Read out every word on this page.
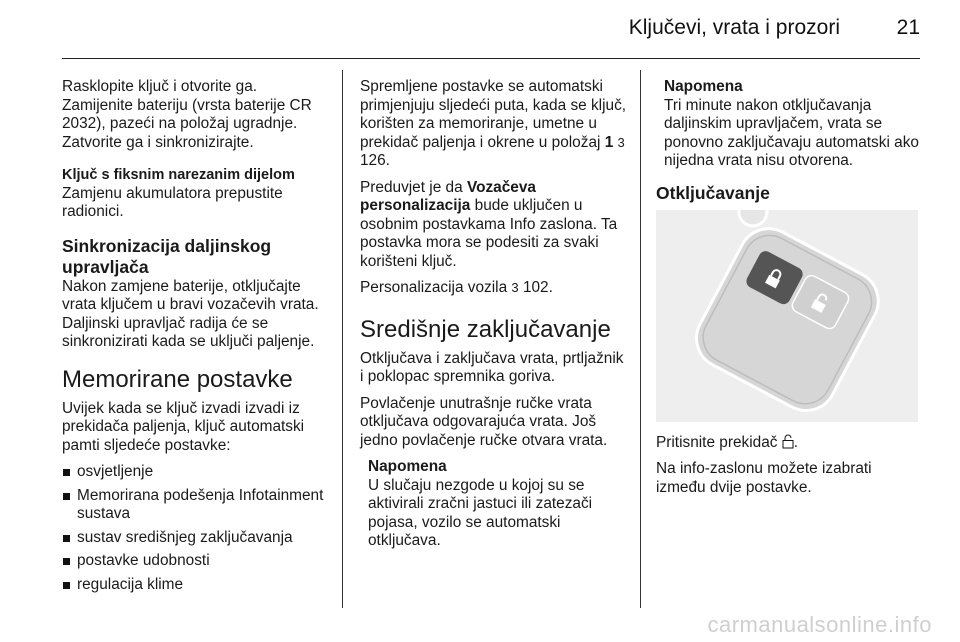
Ključevi, vrata i prozori	21

Rasklopite ključ i otvorite ga. Zamijenite bateriju (vrsta baterije CR 2032), pazeći na položaj ugradnje. Zatvorite ga i sinkronizirajte.

Ključ s fiksnim narezanim dijelom
Zamjenu akumulatora prepustite radionici.

Sinkronizacija daljinskog upravljača

Nakon zamjene baterije, otključajte vrata ključem u bravi vozačevih vrata. Daljinski upravljač radija će se sinkronizirati kada se uključi paljenje.

Memorirane postavke

Uvijek kada se ključ izvadi izvadi iz prekidača paljenja, ključ automatski pamti sljedeće postavke:

osvjetljenje
Memorirana podešenja Infotainment sustava
sustav središnjeg zaključavanja
postavke udobnosti
regulacija klime

Spremljene postavke se automatski primjenjuju sljedeći puta, kada se ključ, korišten za memoriranje, umetne u prekidač paljenja i okrene u položaj 1 3 126.

Preduvjet je da Vozačeva personalizacija bude uključen u osobnim postavkama Info zaslona. Ta postavka mora se podesiti za svaki korišteni ključ.

Personalizacija vozila 3 102.

Središnje zaključavanje

Otključava i zaključava vrata, prtljažnik i poklopac spremnika goriva.

Povlačenje unutrašnje ručke vrata otključava odgovarajuća vrata. Još jedno povlačenje ručke otvara vrata.

Napomena
U slučaju nezgode u kojoj su se aktivirali zračni jastuci ili zatezači pojasa, vozilo se automatski otključava.
Napomena
Tri minute nakon otključavanja daljinskim upravljačem, vrata se ponovno zaključavaju automatski ako nijedna vrata nisu otvorena.
Otključavanje

Pritisnite prekidač .

Na info-zaslonu možete izabrati između dvije postavke.

carmanualsonline.info
